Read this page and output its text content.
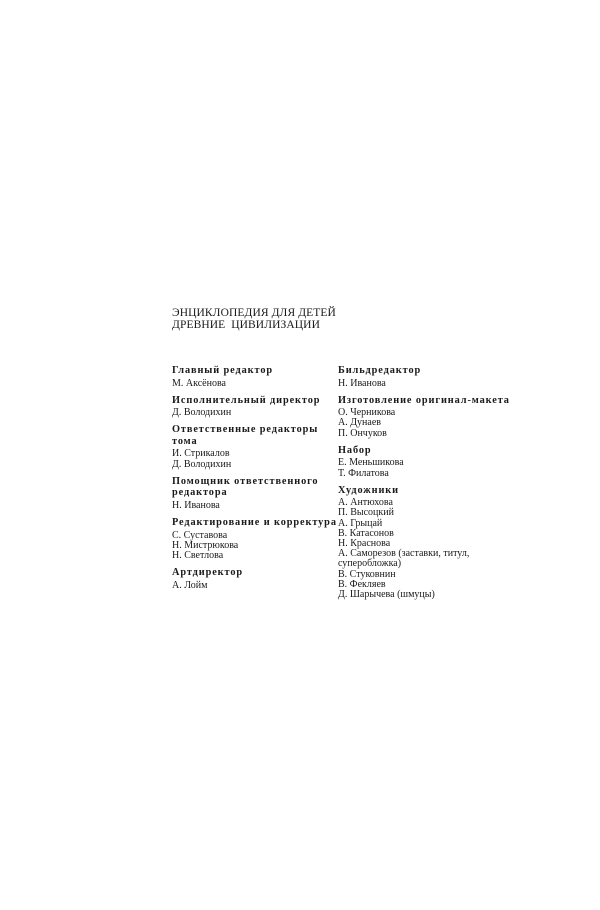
ЭНЦИКЛОПЕДИЯ ДЛЯ ДЕТЕЙ
ДРЕВНИЕ  ЦИВИЛИЗАЦИИ
Главный редактор
М. Аксёнова
Исполнительный директор
Д. Володихин
Ответственные редакторы тома
И. Стрикалов
Д. Володихин
Помощник ответственного редактора
Н. Иванова
Редактирование и корректура
С. Суставова
Н. Мистрюкова
Н. Светлова
Артдиректор
А. Лойм
Бильдредактор
Н. Иванова
Изготовление оригинал-макета
О. Черникова
А. Дунаев
П. Ончуков
Набор
Е. Меньшикова
Т. Филатова
Художники
А. Антюхова
П. Высоцкий
А. Грыцай
В. Катасонов
Н. Краснова
А. Саморезов (заставки, титул,
суперобложка)
В. Стуковнин
В. Фекляев
Д. Шарычева (шмуцы)
